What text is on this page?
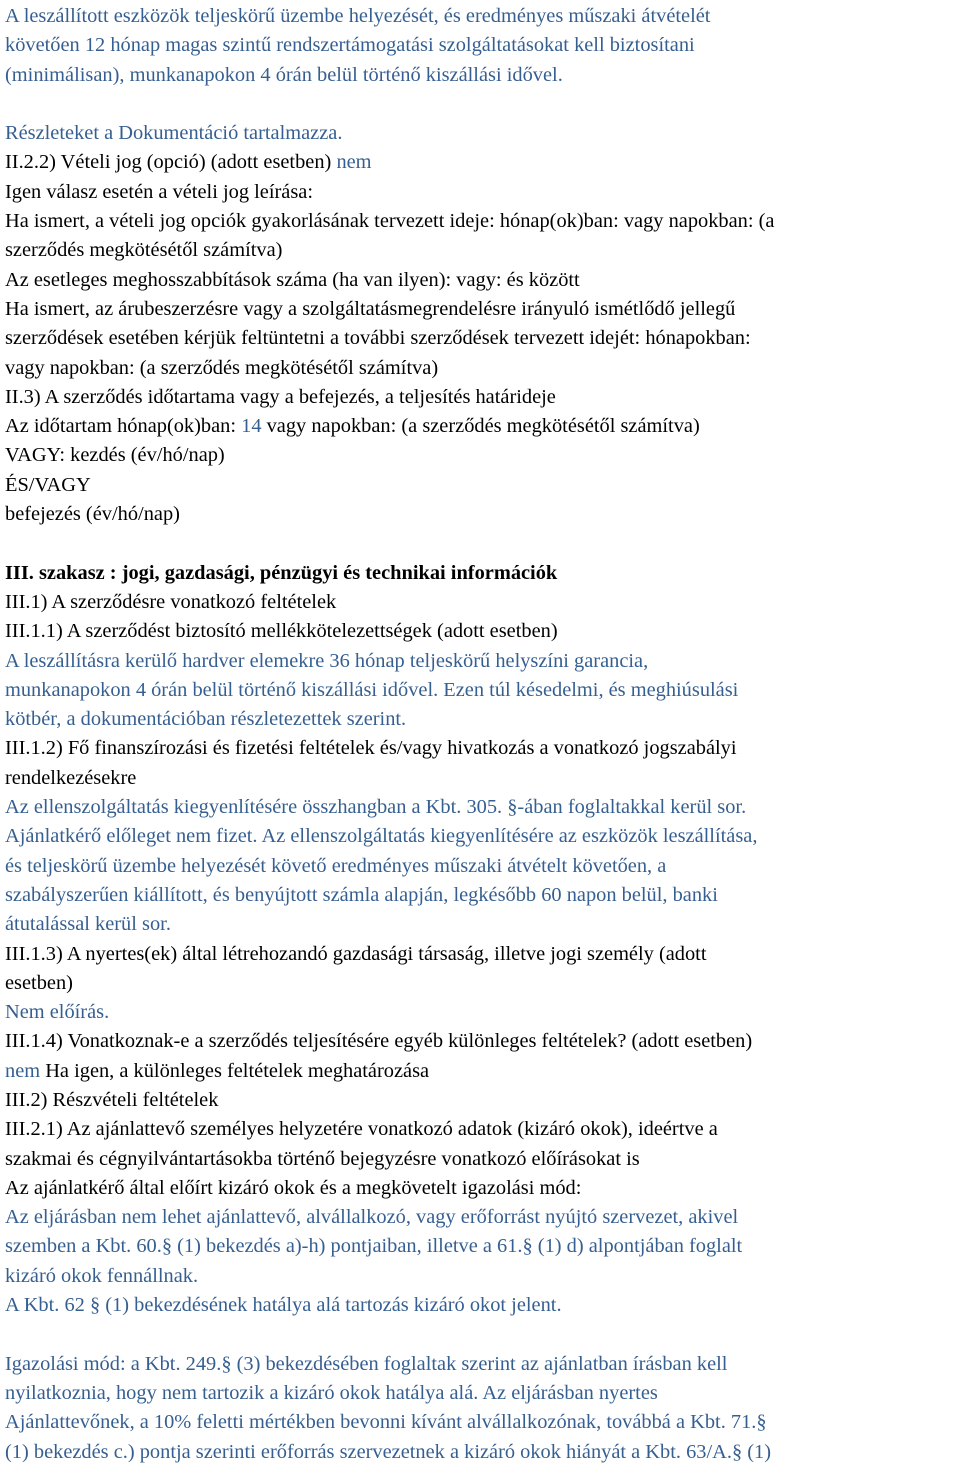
A leszállított eszközök teljeskörű üzembe helyezését, és eredményes műszaki átvételét
követően 12 hónap magas szintű rendszertámogatási szolgáltatásokat kell biztosítani
(minimálisan), munkanapokon 4 órán belül történő kiszállási idővel.
Részleteket a Dokumentáció tartalmazza.
II.2.2) Vételi jog (opció) (adott esetben) nem
Igen válasz esetén a vételi jog leírása:
Ha ismert, a vételi jog opciók gyakorlásának tervezett ideje: hónap(ok)ban: vagy napokban: (a
szerződés megkötésétől számítva)
Az esetleges meghosszabbítások száma (ha van ilyen): vagy: és között
Ha ismert, az árubeszerzésre vagy a szolgáltatásmegrendelésre irányuló ismétlődő jellegű
szerződések esetében kérjük feltüntetni a további szerződések tervezett idejét: hónapokban:
vagy napokban: (a szerződés megkötésétől számítva)
II.3) A szerződés időtartama vagy a befejezés, a teljesítés határideje
Az időtartam hónap(ok)ban: 14 vagy napokban: (a szerződés megkötésétől számítva)
VAGY: kezdés (év/hó/nap)
ÉS/VAGY
befejezés (év/hó/nap)
III. szakasz : jogi, gazdasági, pénzügyi és technikai információk
III.1) A szerződésre vonatkozó feltételek
III.1.1) A szerződést biztosító mellékkötelezettségek (adott esetben)
A leszállításra kerülő hardver elemekre 36 hónap teljeskörű helyszíni garancia,
munkanapokon 4 órán belül történő kiszállási idővel. Ezen túl késedelmi, és meghiúsulási
kötbér, a dokumentációban részletezettek szerint.
III.1.2) Fő finanszírozási és fizetési feltételek és/vagy hivatkozás a vonatkozó jogszabályi
rendelkezésekre
Az ellenszolgáltatás kiegyenlítésére összhangban a Kbt. 305. §-ában foglaltakkal kerül sor.
Ajánlatkérő előleget nem fizet. Az ellenszolgáltatás kiegyenlítésére az eszközök leszállítása,
és teljeskörű üzembe helyezését követő eredményes műszaki átvételt követően, a
szabályszerűen kiállított, és benyújtott számla alapján, legkésőbb 60 napon belül, banki
átutalással kerül sor.
III.1.3) A nyertes(ek) által létrehozandó gazdasági társaság, illetve jogi személy (adott
esetben)
Nem előírás.
III.1.4) Vonatkoznak-e a szerződés teljesítésére egyéb különleges feltételek? (adott esetben)
nem Ha igen, a különleges feltételek meghatározása
III.2) Részvételi feltételek
III.2.1) Az ajánlattevő személyes helyzetére vonatkozó adatok (kizáró okok), ideértve a
szakmai és cégnyilvántartásokba történő bejegyzésre vonatkozó előírásokat is
Az ajánlatkérő által előírt kizáró okok és a megkövetelt igazolási mód:
Az eljárásban nem lehet ajánlattevő, alvállalkozó, vagy erőforrást nyújtó szervezet, akivel
szemben a Kbt. 60.§ (1) bekezdés a)-h) pontjaiban, illetve a 61.§ (1) d) alpontjában foglalt
kizáró okok fennállnak.
A Kbt. 62 § (1) bekezdésének hatálya alá tartozás kizáró okot jelent.
Igazolási mód: a Kbt. 249.§ (3) bekezdésében foglaltak szerint az ajánlatban írásban kell
nyilatkoznia, hogy nem tartozik a kizáró okok hatálya alá. Az eljárásban nyertes
Ajánlattevőnek, a 10% feletti mértékben bevonni kívánt alvállalkozónak, továbbá a Kbt. 71.§
(1) bekezdés c.) pontja szerinti erőforrás szervezetnek a kizáró okok hiányát a Kbt. 63/A.§ (1)
